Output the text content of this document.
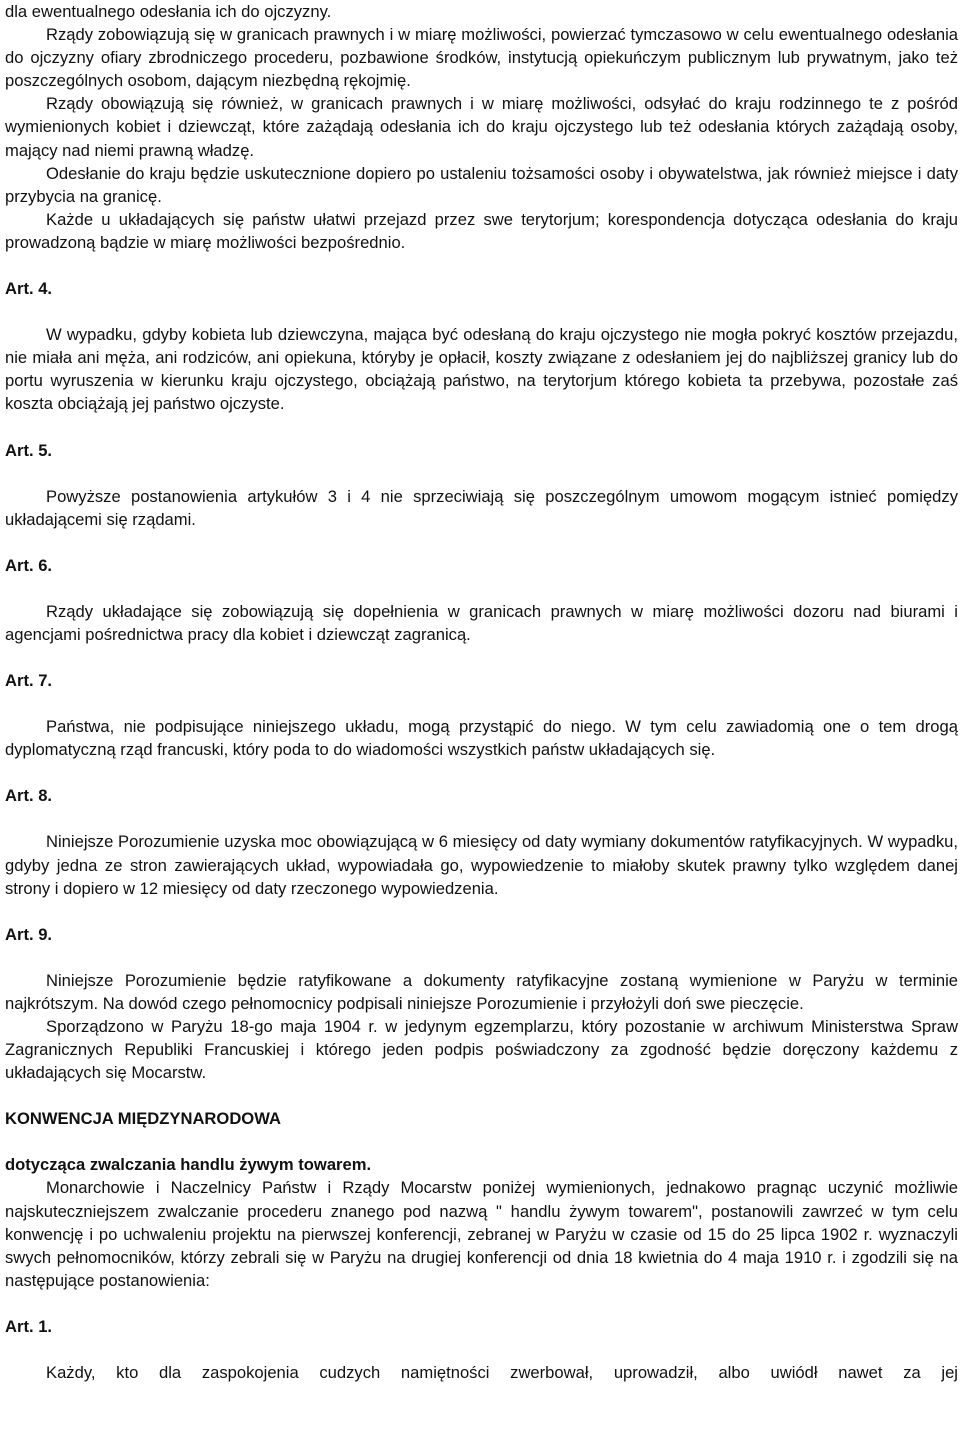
dla ewentualnego odesłania ich do ojczyzny.

Rządy zobowiązują się w granicach prawnych i w miarę możliwości, powierzać tymczasowo w celu ewentualnego odesłania do ojczyzny ofiary zbrodniczego procederu, pozbawione środków, instytucją opiekuńczym publicznym lub prywatnym, jako też poszczególnych osobom, dającym niezbędną rękojmię.

Rządy obowiązują się również, w granicach prawnych i w miarę możliwości, odsyłać do kraju rodzinnego te z pośród wymienionych kobiet i dziewcząt, które zażądają odesłania ich do kraju ojczystego lub też odesłania których zażądają osoby, mający nad niemi prawną władzę.

Odesłanie do kraju będzie uskutecznione dopiero po ustaleniu tożsamości osoby i obywatelstwa, jak również miejsce i daty przybycia na granicę.

Każde u układających się państw ułatwi przejazd przez swe terytorjum; korespondencja dotycząca odesłania do kraju prowadzoną bądzie w miarę możliwości bezpośrednio.

Art. 4.

W wypadku, gdyby kobieta lub dziewczyna, mająca być odesłaną do kraju ojczystego nie mogła pokryć kosztów przejazdu, nie miała ani męża, ani rodziców, ani opiekuna, któryby je opłacił, koszty związane z odesłaniem jej do najbliższej granicy lub do portu wyruszenia w kierunku kraju ojczystego, obciążają państwo, na terytorjum którego kobieta ta przebywa, pozostałe zaś koszta obciążają jej państwo ojczyste.

Art. 5.

Powyższe postanowienia artykułów 3 i 4 nie sprzeciwiają się poszczególnym umowom mogącym istnieć pomiędzy układającemi się rządami.

Art. 6.

Rządy układające się zobowiązują się dopełnienia w granicach prawnych w miarę możliwości dozoru nad biurami i agencjami pośrednictwa pracy dla kobiet i dziewcząt zagranicą.

Art. 7.

Państwa, nie podpisujące niniejszego układu, mogą przystąpić do niego. W tym celu zawiadomią one o tem drogą dyplomatyczną rząd francuski, który poda to do wiadomości wszystkich państw układających się.

Art. 8.

Niniejsze Porozumienie uzyska moc obowiązującą w 6 miesięcy od daty wymiany dokumentów ratyfikacyjnych. W wypadku, gdyby jedna ze stron zawierających układ, wypowiadała go, wypowiedzenie to miałoby skutek prawny tylko względem danej strony i dopiero w 12 miesięcy od daty rzeczonego wypowiedzenia.

Art. 9.

Niniejsze Porozumienie będzie ratyfikowane a dokumenty ratyfikacyjne zostaną wymienione w Paryżu w terminie najkrótszym. Na dowód czego pełnomocnicy podpisali niniejsze Porozumienie i przyłożyli doń swe pieczęcie.

Sporządzono w Paryżu 18-go maja 1904 r. w jedynym egzemplarzu, który pozostanie w archiwum Ministerstwa Spraw Zagranicznych Republiki Francuskiej i którego jeden podpis poświadczony za zgodność będzie doręczony każdemu z układających się Mocarstw.

KONWENCJA MIĘDZYNARODOWA

dotycząca zwalczania handlu żywym towarem.

Monarchowie i Naczelnicy Państw i Rządy Mocarstw poniżej wymienionych, jednakowo pragnąc uczynić możliwie najskuteczniejszem zwalczanie procederu znanego pod nazwą " handlu żywym towarem", postanowili zawrzeć w tym celu konwencję i po uchwaleniu projektu na pierwszej konferencji, zebranej w Paryżu w czasie od 15 do 25 lipca 1902 r. wyznaczyli swych pełnomocników, którzy zebrali się w Paryżu na drugiej konferencji od dnia 18 kwietnia do 4 maja 1910 r. i zgodzili się na następujące postanowienia:

Art. 1.

Każdy, kto dla zaspokojenia cudzych namiętności zwerbował, uprowadził, albo uwiódł nawet za jej
